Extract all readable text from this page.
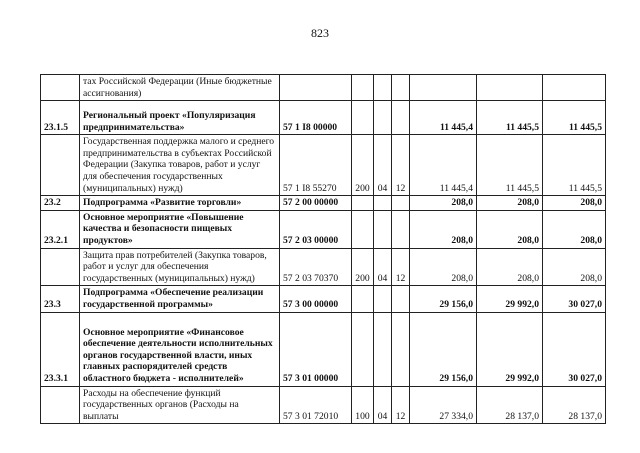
823
	тах Российской Федерации (Иные бюджетные ассигнования)							
23.1.5	Региональный проект «Популяризация предпринимательства»	57 1 I8 00000				11 445,4	11 445,5	11 445,5
	Государственная поддержка малого и среднего предпринимательства в субъектах Российской Федерации (Закупка товаров, работ и услуг для обеспечения государственных (муниципальных) нужд)	57 1 I8 55270	200	04	12	11 445,4	11 445,5	11 445,5
23.2	Подпрограмма «Развитие торговли»	57 2 00 00000				208,0	208,0	208,0
23.2.1	Основное мероприятие «Повышение качества и безопасности пищевых продуктов»	57 2 03 00000				208,0	208,0	208,0
	Защита прав потребителей (Закупка товаров, работ и услуг для обеспечения государственных (муниципальных) нужд)	57 2 03 70370	200	04	12	208,0	208,0	208,0
23.3	Подпрограмма «Обеспечение реализации государственной программы»	57 3 00 00000				29 156,0	29 992,0	30 027,0
23.3.1	Основное мероприятие «Финансовое обеспечение деятельности исполнительных органов государственной власти, иных главных распорядителей средств областного бюджета - исполнителей»	57 3 01 00000				29 156,0	29 992,0	30 027,0
	Расходы на обеспечение функций государственных органов (Расходы на выплаты	57 3 01 72010	100	04	12	27 334,0	28 137,0	28 137,0
